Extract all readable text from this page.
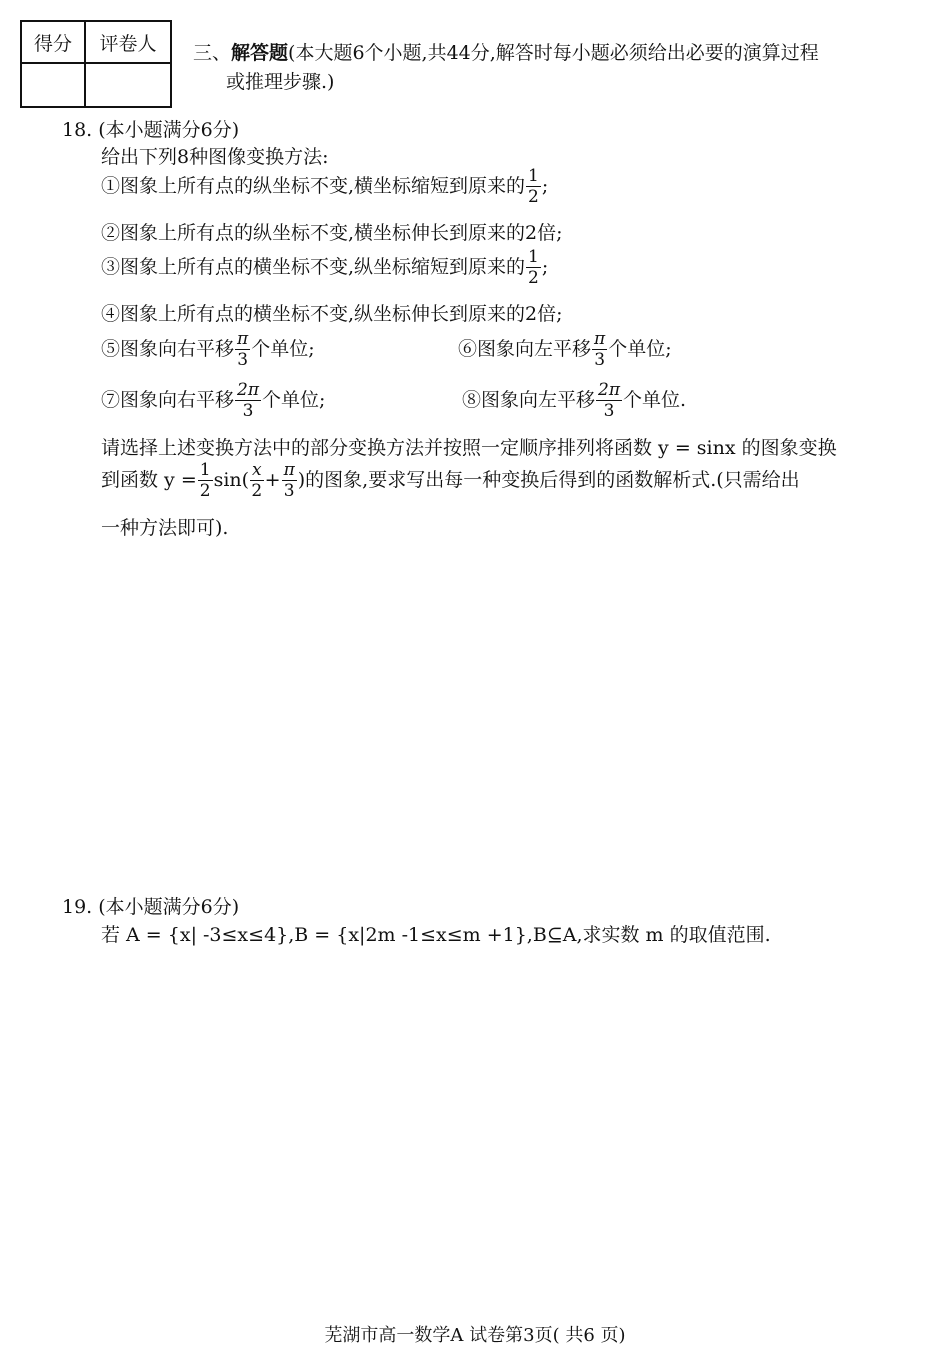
得分	评卷人
	三、解答题(本大题6个小题,共44分,解答时每小题必须给出必要的演算过程
或推理步骤.)
18. (本小题满分6分)
给出下列8种图像变换方法:
①图象上所有点的纵坐标不变,横坐标缩短到原来的 $\frac{1}{2}$ ;
②图象上所有点的纵坐标不变,横坐标伸长到原来的2倍;
③图象上所有点的横坐标不变,纵坐标缩短到原来的 $\frac{1}{2}$ ;
④图象上所有点的横坐标不变,纵坐标伸长到原来的2倍;
⑤图象向右平移 $\frac{\pi}{3}$ 个单位;	⑥图象向左平移 $\frac{\pi}{3}$ 个单位;
⑦图象向右平移 $\frac{2\pi}{3}$ 个单位;	⑧图象向左平移 $\frac{2\pi}{3}$ 个单位.
请选择上述变换方法中的部分变换方法并按照一定顺序排列将函数 y = sinx 的图象变换
到函数 $y = \frac{1}{2} \sin( \frac{x}{2} + \frac{\pi}{3}$ )的图象,要求写出每一种变换后得到的函数解析式.(只需给出
一种方法即可).
19. (本小题满分6分)
若 A = {x| -3≤x≤4},B = {x|2m -1≤x≤m +1},B⊆A,求实数 m 的取值范围.
芜湖市高一数学A 试卷第3页( 共6 页)
